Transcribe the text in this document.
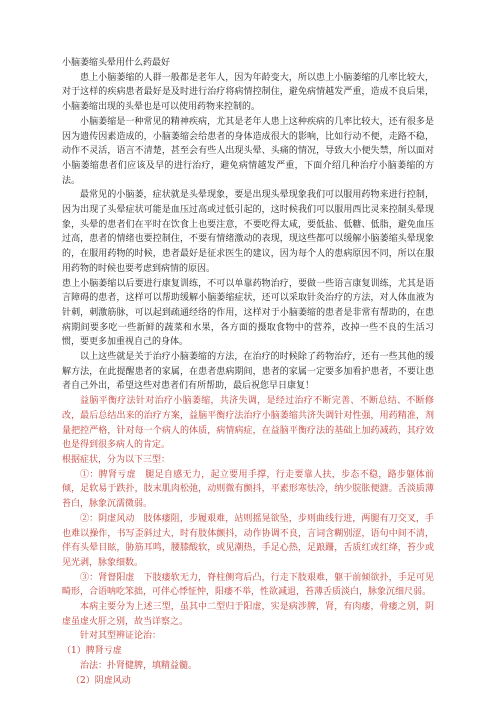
小脑萎缩头晕用什么药最好

患上小脑萎缩的人群一般都是老年人，因为年龄变大，所以患上小脑萎缩的几率比较大，对于这样的疾病患者最好是及时进行治疗将病情控制住，避免病情越发严重，造成不良后果，小脑萎缩出现的头晕也是可以使用药物来控制的。

小脑萎缩是一种常见的精神疾病，尤其是老年人患上这种疾病的几率比较大，还有很多是因为遗传因素造成的，小脑萎缩会给患者的身体造成很大的影响，比如行动不便，走路不稳，动作不灵活，语言不清楚，甚至会有些人出现头晕、头痛的情况，导致大小便失禁，所以面对小脑萎缩患者们应该及早的进行治疗，避免病情越发严重，下面介绍几种治疗小脑萎缩的方法。

最常见的小脑萎，症状就是头晕现象，要是出现头晕现象我们可以服用药物来进行控制，因为出现了头晕症状可能是血压过高或过低引起的，这时候我们可以服用西比灵来控制头晕现象，头晕的患者们在平时在饮食上也要注意，不要吃得太咸，要低盐、低糖、低脂，避免血压过高，患者的情绪也要控制住，不要有情绪激动的表现，现这些都可以缓解小脑萎缩头晕现象的，在服用药物的时候，患者最好是征求医生的建议，因为每个人的患病原因不同，所以在服用药物的时候也要考虑到病情的原因。

患上小脑萎缩以后要进行康复训练，不可以单靠药物治疗，要做一些语言康复训练，尤其是语言障碍的患者，这样可以帮助缓解小脑萎缩症状，还可以采取针灸治疗的方法，对人体血液为针刺，刺激筋脉，可以起到疏通经络的作用，这样对于小脑萎缩的患者是非常有帮助的，在患病期间要多吃一些新鲜的蔬菜和水果，各方面的摄取食物中的营养，改掉一些不良的生活习惯，要更多加重视自己的身体。

以上这些就是关于治疗小脑萎缩的方法，在治疗的时候除了药物治疗，还有一些其他的缓解方法，在此提醒患者的家属，在患者患病期间，患者的家属一定要多加看护患者，不要让患者自己外出，希望这些对患者们有所帮助，最后祝您早日康复！

益脑平衡疗法针对治疗小脑萎缩，共济失调，是经过治疗不断完善、不断总结、不断修改，最后总结出来的治疗方案，益脑平衡疗法治疗小脑萎缩共济失调针对性强，用药精准，剂量把控严格，针对每一个病人的体质，病情病症，在益脑平衡疗法的基础上加药减药，其疗效也是得到很多病人的肯定。

根据症状，分为以下三型：

①：脾肾亏虚　腿足自感无力，起立要用手撑，行走要靠人扶，步态不稳，路步躯体前倾，足软易于跌扑，肢末肌肉松弛，动则微有颤抖，平素形寒怯冷，纳少脘胀便溏。舌淡质薄苔白，脉象沉濡微弱。

②：阴虚风动　肢体痿阻，步履艰难，站则摇晃欲坠，步则曲线行进，两腿有刀交叉，手也难以操作，书写歪斜过大，时有肢体颤抖，动作协调不良，言词含糊别涩，语句中间不清，伴有头晕目眩，胁筋耳鸣，腰膝酸软，或见潮热，手足心热，足踉跚，舌质红或红绛，苔少或见光剥，脉象细数。

③：肾督阳虚　下肢痿软无力，脊柱侧弯后凸，行走下肢艰难，躯干前倾欲扑，手足可见畸形，合语呐吃笨拙，可伴心悸怔忡，阳痿不举，性欲减退，苔薄舌质淡白，脉象沉细尺弱。

本病主要分为上述三型，虽其中二型归于阳虚，实是病涉脾，肾，有肉痿，骨痿之别，阴虚虽虚火肝之别，故当详察之。

针对其型辨证论治：

（1）脾肾亏虚

治法：扑肾健脾，填精益髓。

（2）阴虚风动
